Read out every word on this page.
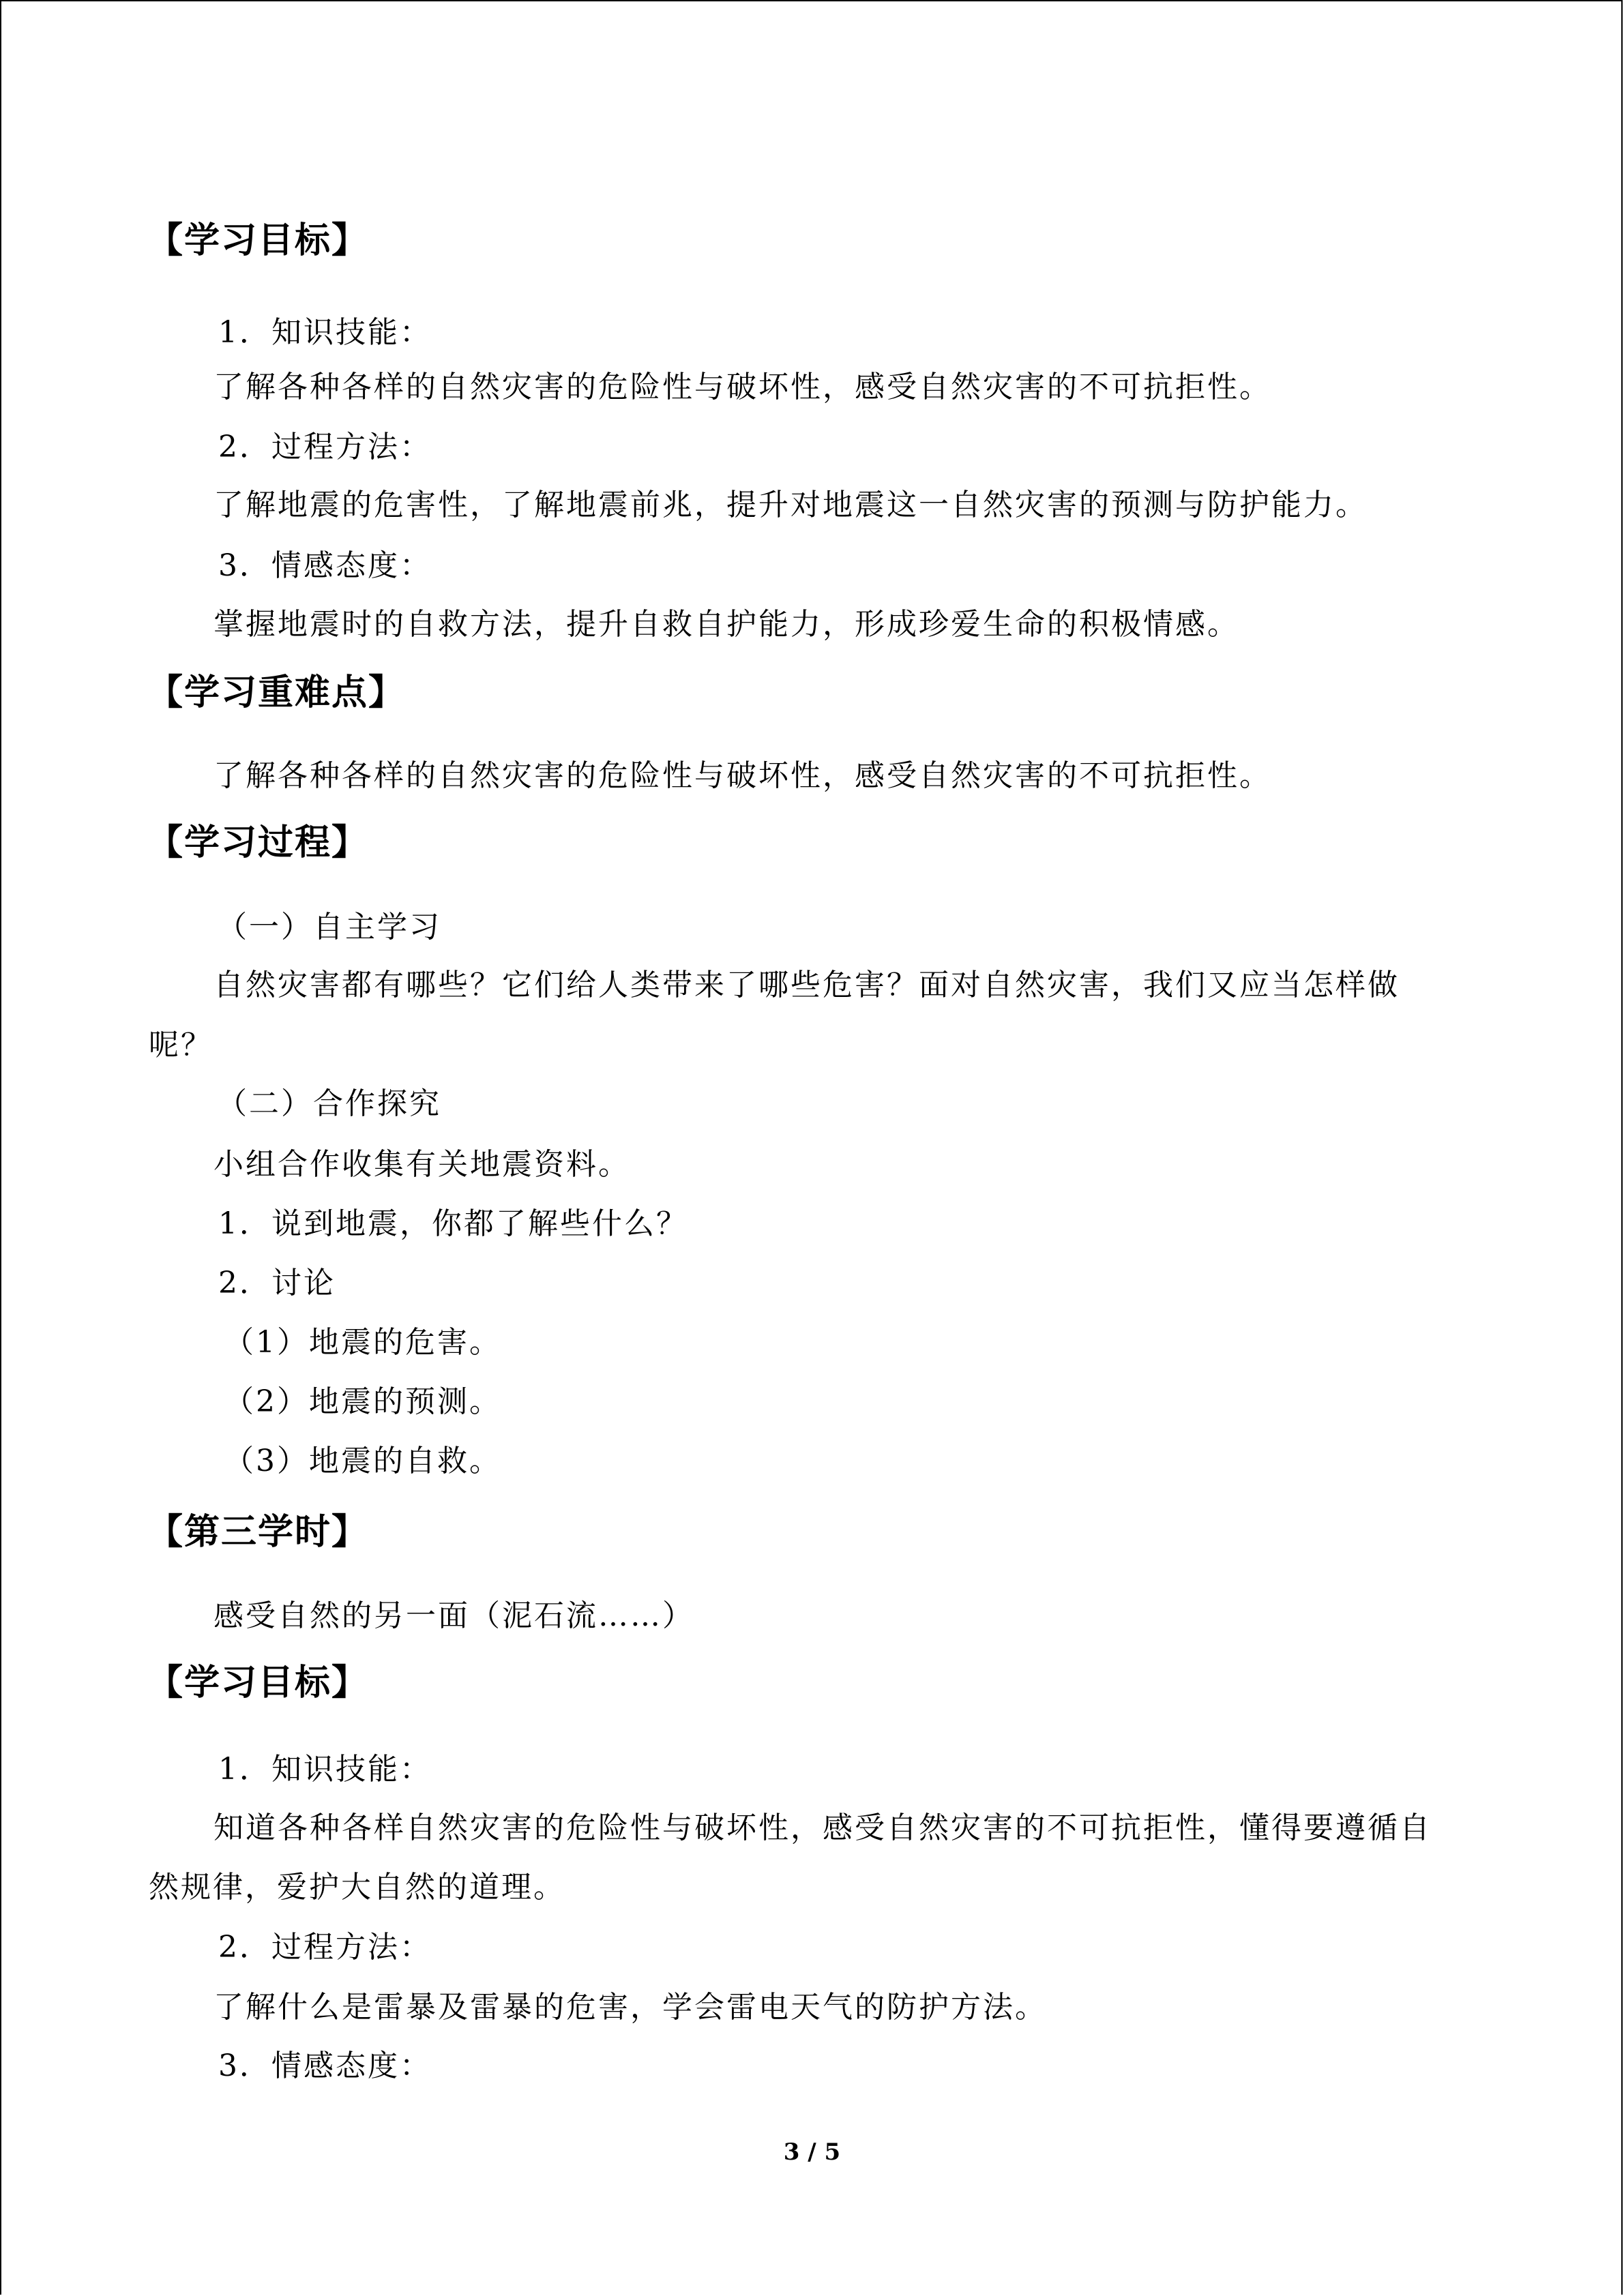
【学习目标】
1．知识技能：
了解各种各样的自然灾害的危险性与破坏性，感受自然灾害的不可抗拒性。
2．过程方法：
了解地震的危害性，了解地震前兆，提升对地震这一自然灾害的预测与防护能力。
3．情感态度：
掌握地震时的自救方法，提升自救自护能力，形成珍爱生命的积极情感。
【学习重难点】
了解各种各样的自然灾害的危险性与破坏性，感受自然灾害的不可抗拒性。
【学习过程】
（一）自主学习
自然灾害都有哪些？它们给人类带来了哪些危害？面对自然灾害，我们又应当怎样做
呢？
（二）合作探究
小组合作收集有关地震资料。
1．说到地震，你都了解些什么？
2．讨论
（1）地震的危害。
（2）地震的预测。
（3）地震的自救。
【第三学时】
感受自然的另一面（泥石流……）
【学习目标】
1．知识技能：
知道各种各样自然灾害的危险性与破坏性，感受自然灾害的不可抗拒性，懂得要遵循自
然规律，爱护大自然的道理。
2．过程方法：
了解什么是雷暴及雷暴的危害，学会雷电天气的防护方法。
3．情感态度：
3 / 5
